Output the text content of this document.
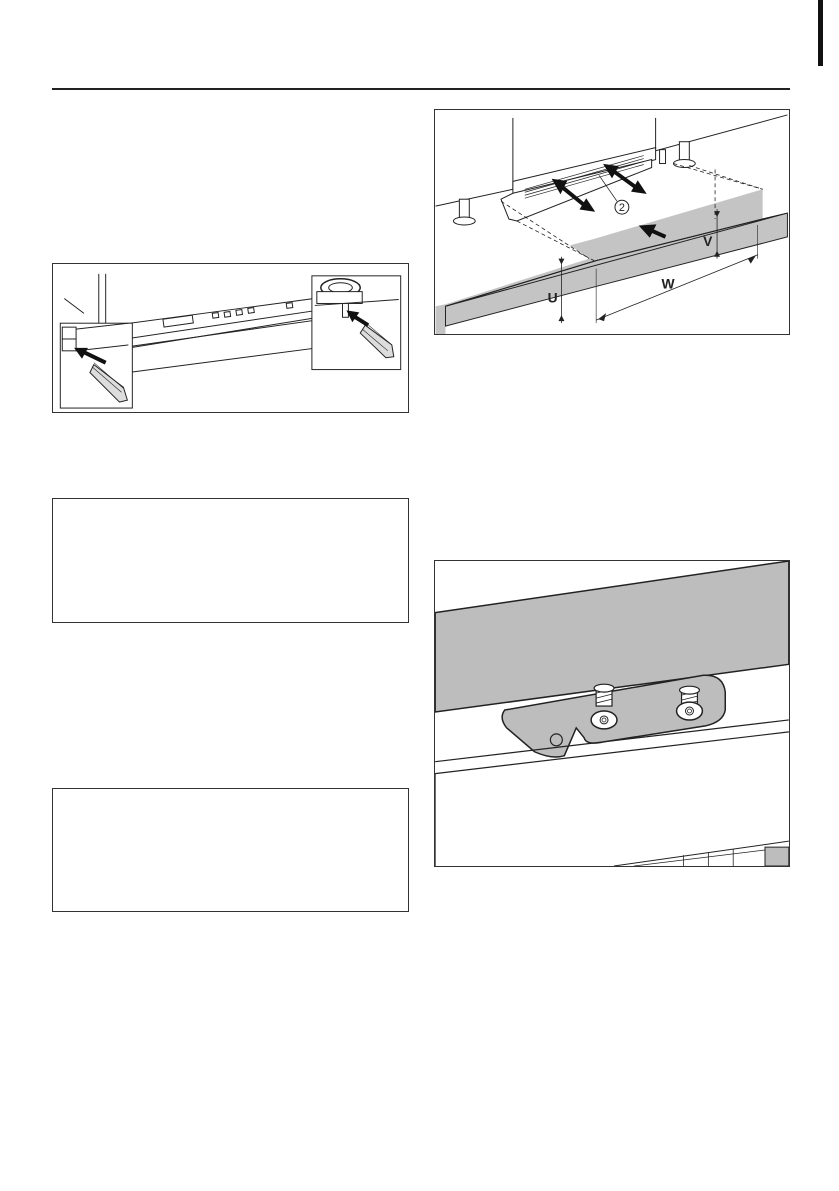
2
U
V
W
